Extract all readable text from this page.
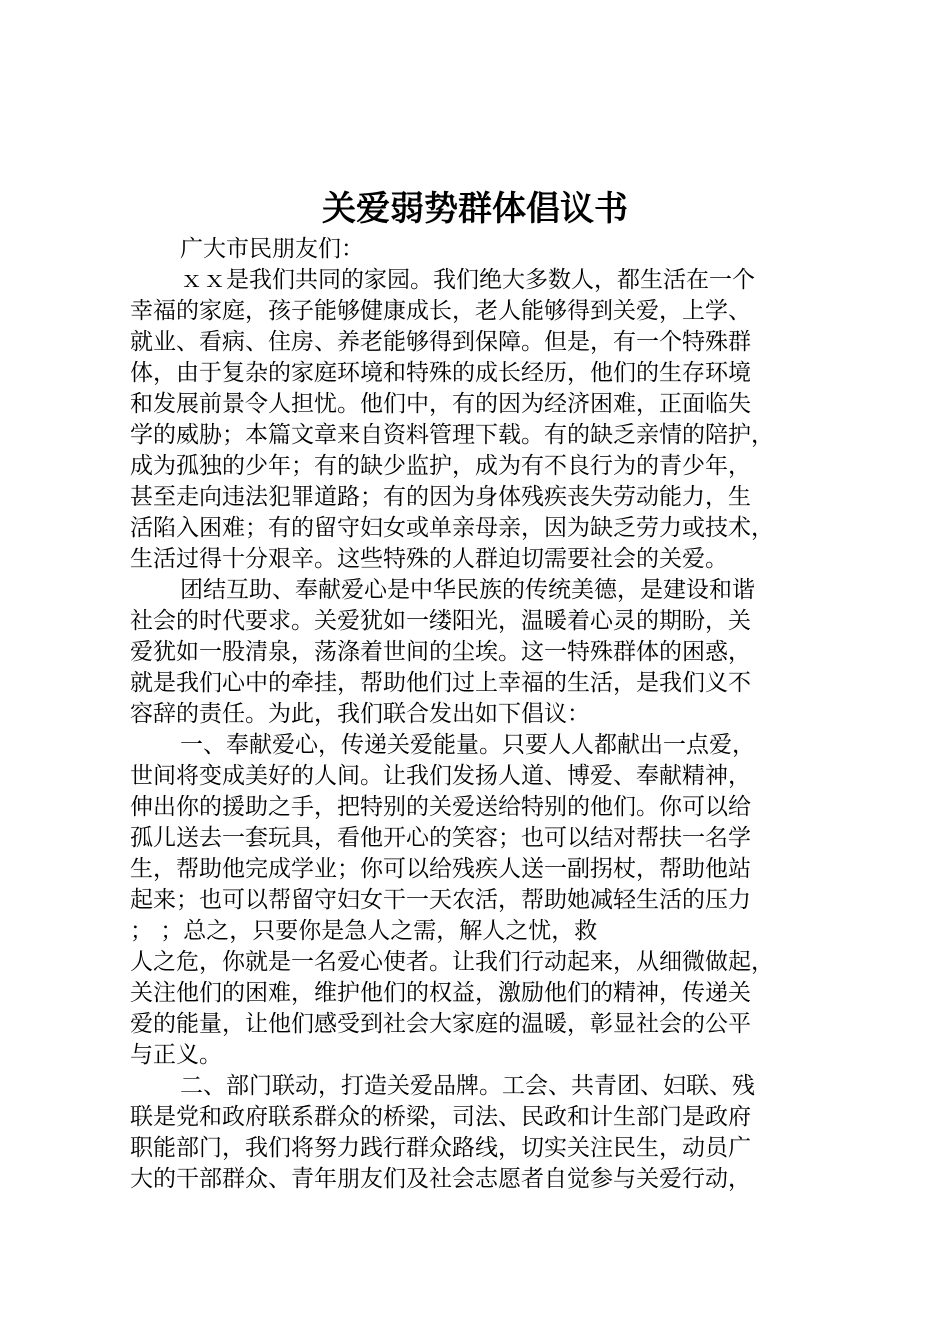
关爱弱势群体倡议书
广大市民朋友们：
ｘｘ是我们共同的家园。我们绝大多数人，都生活在一个
幸福的家庭，孩子能够健康成长，老人能够得到关爱，上学、
就业、看病、住房、养老能够得到保障。但是，有一个特殊群
体，由于复杂的家庭环境和特殊的成长经历，他们的生存环境
和发展前景令人担忧。他们中，有的因为经济困难，正面临失
学的威胁；本篇文章来自资料管理下载。有的缺乏亲情的陪护，
成为孤独的少年；有的缺少监护，成为有不良行为的青少年，
甚至走向违法犯罪道路；有的因为身体残疾丧失劳动能力，生
活陷入困难；有的留守妇女或单亲母亲，因为缺乏劳力或技术，
生活过得十分艰辛。这些特殊的人群迫切需要社会的关爱。
团结互助、奉献爱心是中华民族的传统美德，是建设和谐
社会的时代要求。关爱犹如一缕阳光，温暖着心灵的期盼，关
爱犹如一股清泉，荡涤着世间的尘埃。这一特殊群体的困惑，
就是我们心中的牵挂，帮助他们过上幸福的生活，是我们义不
容辞的责任。为此，我们联合发出如下倡议：
一、奉献爱心，传递关爱能量。只要人人都献出一点爱，
世间将变成美好的人间。让我们发扬人道、博爱、奉献精神，
伸出你的援助之手，把特别的关爱送给特别的他们。你可以给
孤儿送去一套玩具，看他开心的笑容；也可以结对帮扶一名学
生，帮助他完成学业；你可以给残疾人送一副拐杖，帮助他站
起来；也可以帮留守妇女干一天农活，帮助她减轻生活的压力
； ；总之，只要你是急人之需，解人之忧，救
人之危，你就是一名爱心使者。让我们行动起来，从细微做起，
关注他们的困难，维护他们的权益，激励他们的精神，传递关
爱的能量，让他们感受到社会大家庭的温暖，彰显社会的公平
与正义。
二、部门联动，打造关爱品牌。工会、共青团、妇联、残
联是党和政府联系群众的桥梁，司法、民政和计生部门是政府
职能部门，我们将努力践行群众路线，切实关注民生，动员广
大的干部群众、青年朋友们及社会志愿者自觉参与关爱行动，
